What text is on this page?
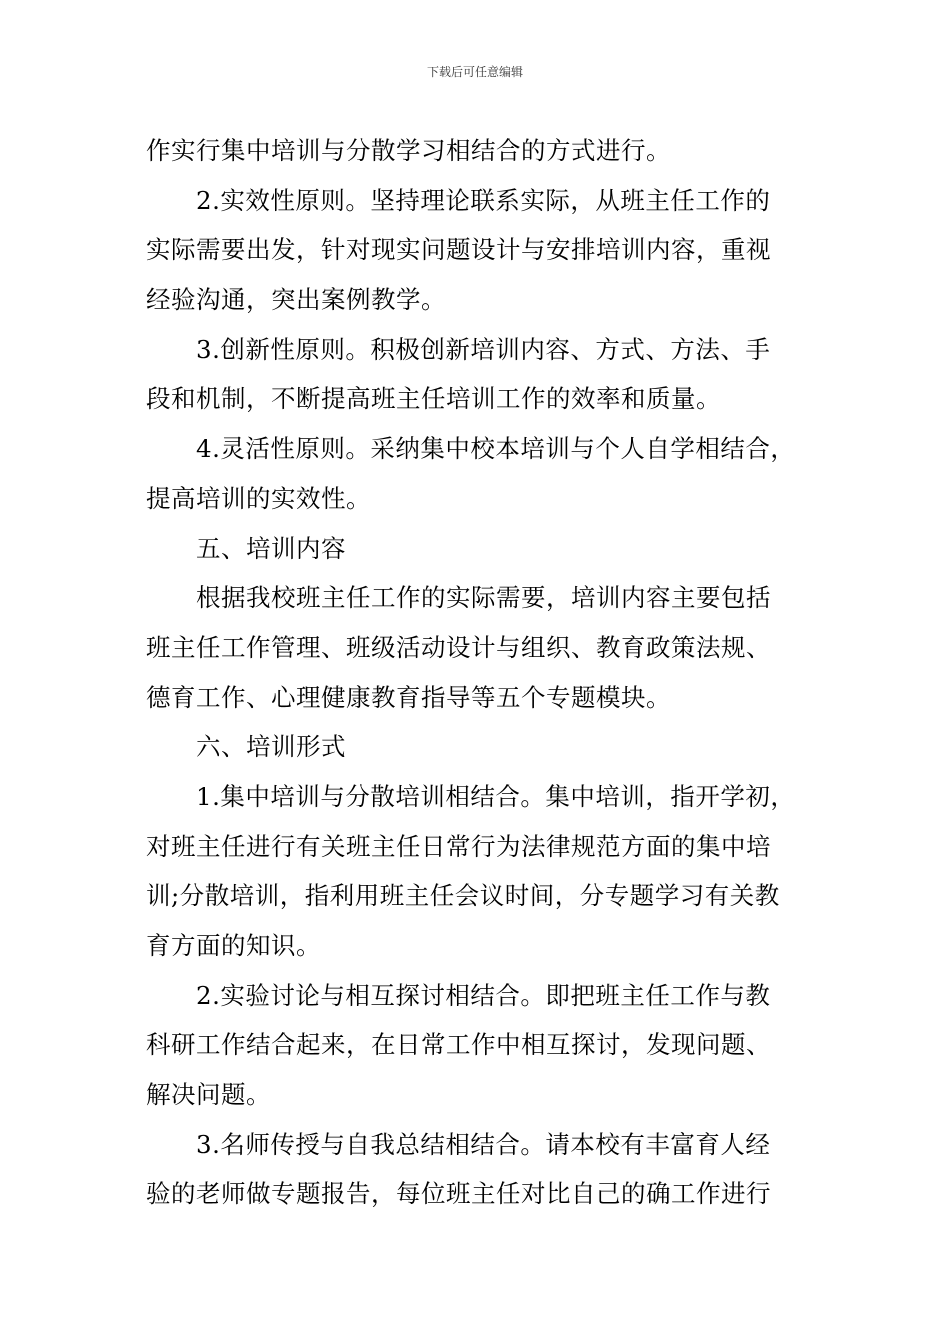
下载后可任意编辑
作实行集中培训与分散学习相结合的方式进行。
2.实效性原则。坚持理论联系实际，从班主任工作的
实际需要出发，针对现实问题设计与安排培训内容，重视
经验沟通，突出案例教学。
3.创新性原则。积极创新培训内容、方式、方法、手
段和机制，不断提高班主任培训工作的效率和质量。
4.灵活性原则。采纳集中校本培训与个人自学相结合，
提高培训的实效性。
五、培训内容
根据我校班主任工作的实际需要，培训内容主要包括
班主任工作管理、班级活动设计与组织、教育政策法规、
德育工作、心理健康教育指导等五个专题模块。
六、培训形式
1.集中培训与分散培训相结合。集中培训，指开学初，
对班主任进行有关班主任日常行为法律规范方面的集中培
训;分散培训，指利用班主任会议时间，分专题学习有关教
育方面的知识。
2.实验讨论与相互探讨相结合。即把班主任工作与教
科研工作结合起来，在日常工作中相互探讨，发现问题、
解决问题。
3.名师传授与自我总结相结合。请本校有丰富育人经
验的老师做专题报告，每位班主任对比自己的确工作进行
